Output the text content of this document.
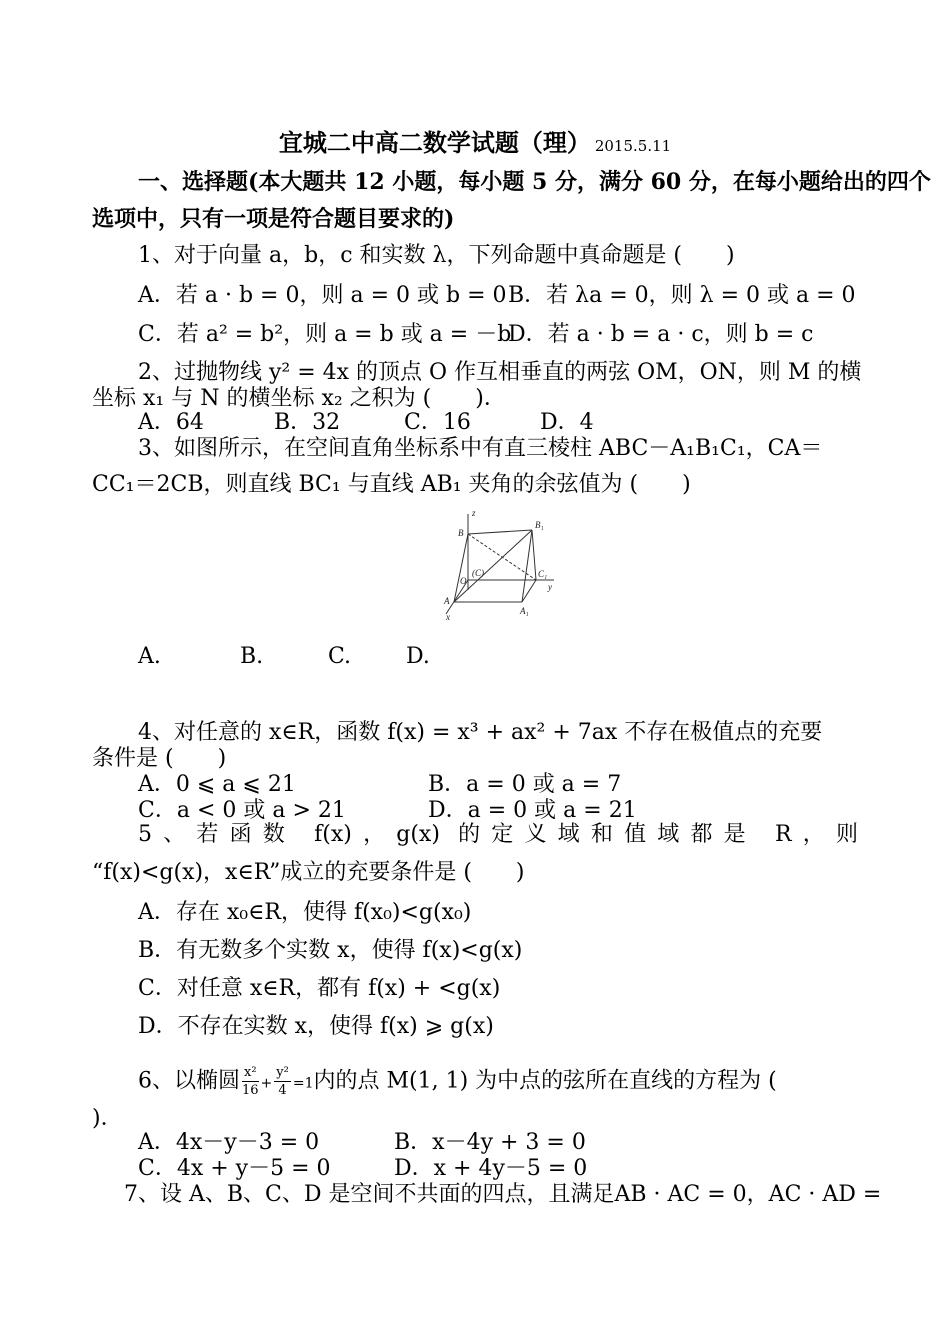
宜城二中高二数学试题（理） 2015.5.11
一、选择题(本大题共 12 小题，每小题 5 分，满分 60 分，在每小题给出的四个
选项中，只有一项是符合题目要求的)
1、对于向量 a，b，c 和实数 λ，下列命题中真命题是 (　　)
A．若 a · b = 0，则 a = 0 或 b = 0B．若 λa = 0，则 λ = 0 或 a = 0
C．若 a² = b²，则 a = b 或 a = －bD．若 a · b = a · c，则 b = c
2、过抛物线 y² = 4x 的顶点 O 作互相垂直的两弦 OM，ON，则 M 的横
坐标 x₁ 与 N 的横坐标 x₂ 之积为 (　　)．
A．64	B．32	C．16	D．4
3、如图所示，在空间直角坐标系中有直三棱柱 ABC－A₁B₁C₁，CA＝
CC₁＝2CB，则直线 BC₁ 与直线 AB₁ 夹角的余弦值为 (　　)
z
B
B₁
(C)
O
C₁
y
A
A₁
x
A.	B.	C. D.
4、对任意的 x∈R，函数 f(x) = x³ + ax² + 7ax 不存在极值点的充要
条件是 (　　)
A．0 ⩽ a ⩽ 21	B．a = 0 或 a = 7
C．a < 0 或 a > 21	D．a = 0 或 a = 21
5、若函数 f(x)，g(x) 的定义域和值域都是 R，则
“f(x)<g(x)，x∈R”成立的充要条件是 (　　)
A．存在 x₀∈R，使得 f(x₀)<g(x₀)
B．有无数多个实数 x，使得 f(x)<g(x)
C．对任意 x∈R，都有 f(x) + <g(x)
D．不存在实数 x，使得 f(x) ⩾ g(x)
6、以椭圆 $\frac{\text{x²}}{16} + \frac{\text{y²}}{4} =1$内的点 M(1, 1) 为中点的弦所在直线的方程为 (
)．
A．4x－y－3 = 0	B．x－4y + 3 = 0
C．4x + y－5 = 0	D．x + 4y－5 = 0
7、设 A、B、C、D 是空间不共面的四点，且满足AB · AC = 0，AC · AD =
